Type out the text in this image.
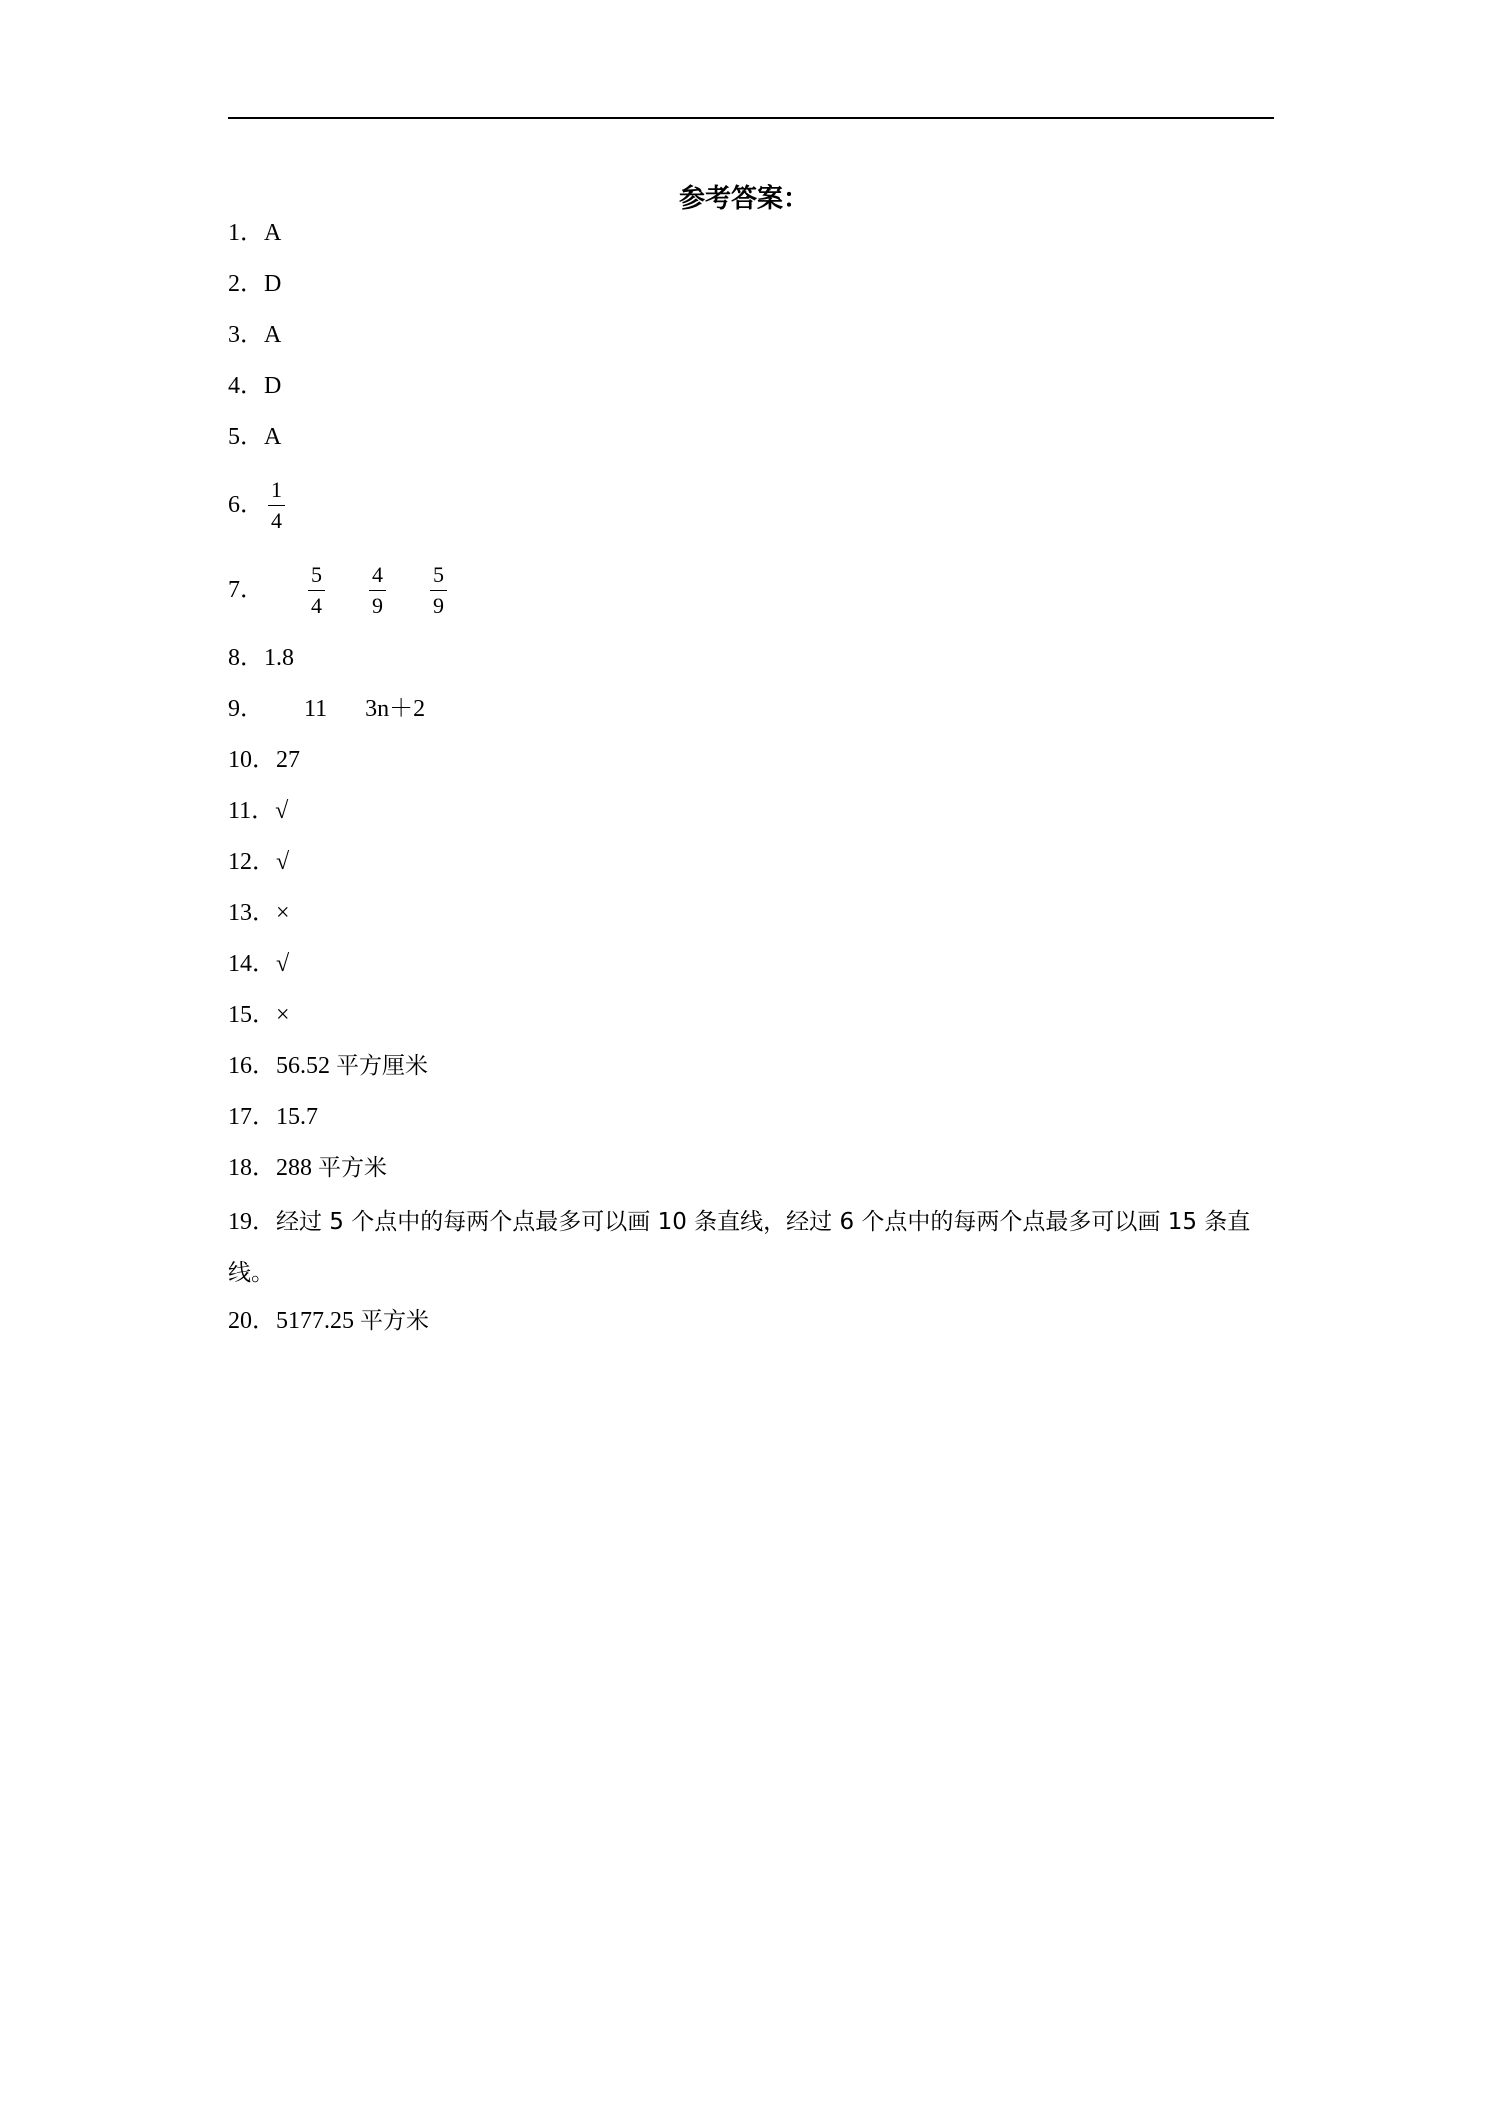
参考答案：
1．A
2．D
3．A
4．D
5．A
6． $\frac{1}{4}$
7． $\frac{5}{4} \frac{4}{9} \frac{5}{9}$
8．1.8
9． 11 3n＋2
10．27
11．√
12．√
13．×
14．√
15．×
16．56.52 平方厘米
17．15.7
18．288 平方米
19．经过 5 个点中的每两个点最多可以画 10 条直线，经过 6 个点中的每两个点最多可以画 15 条直线。
20．5177.25 平方米
